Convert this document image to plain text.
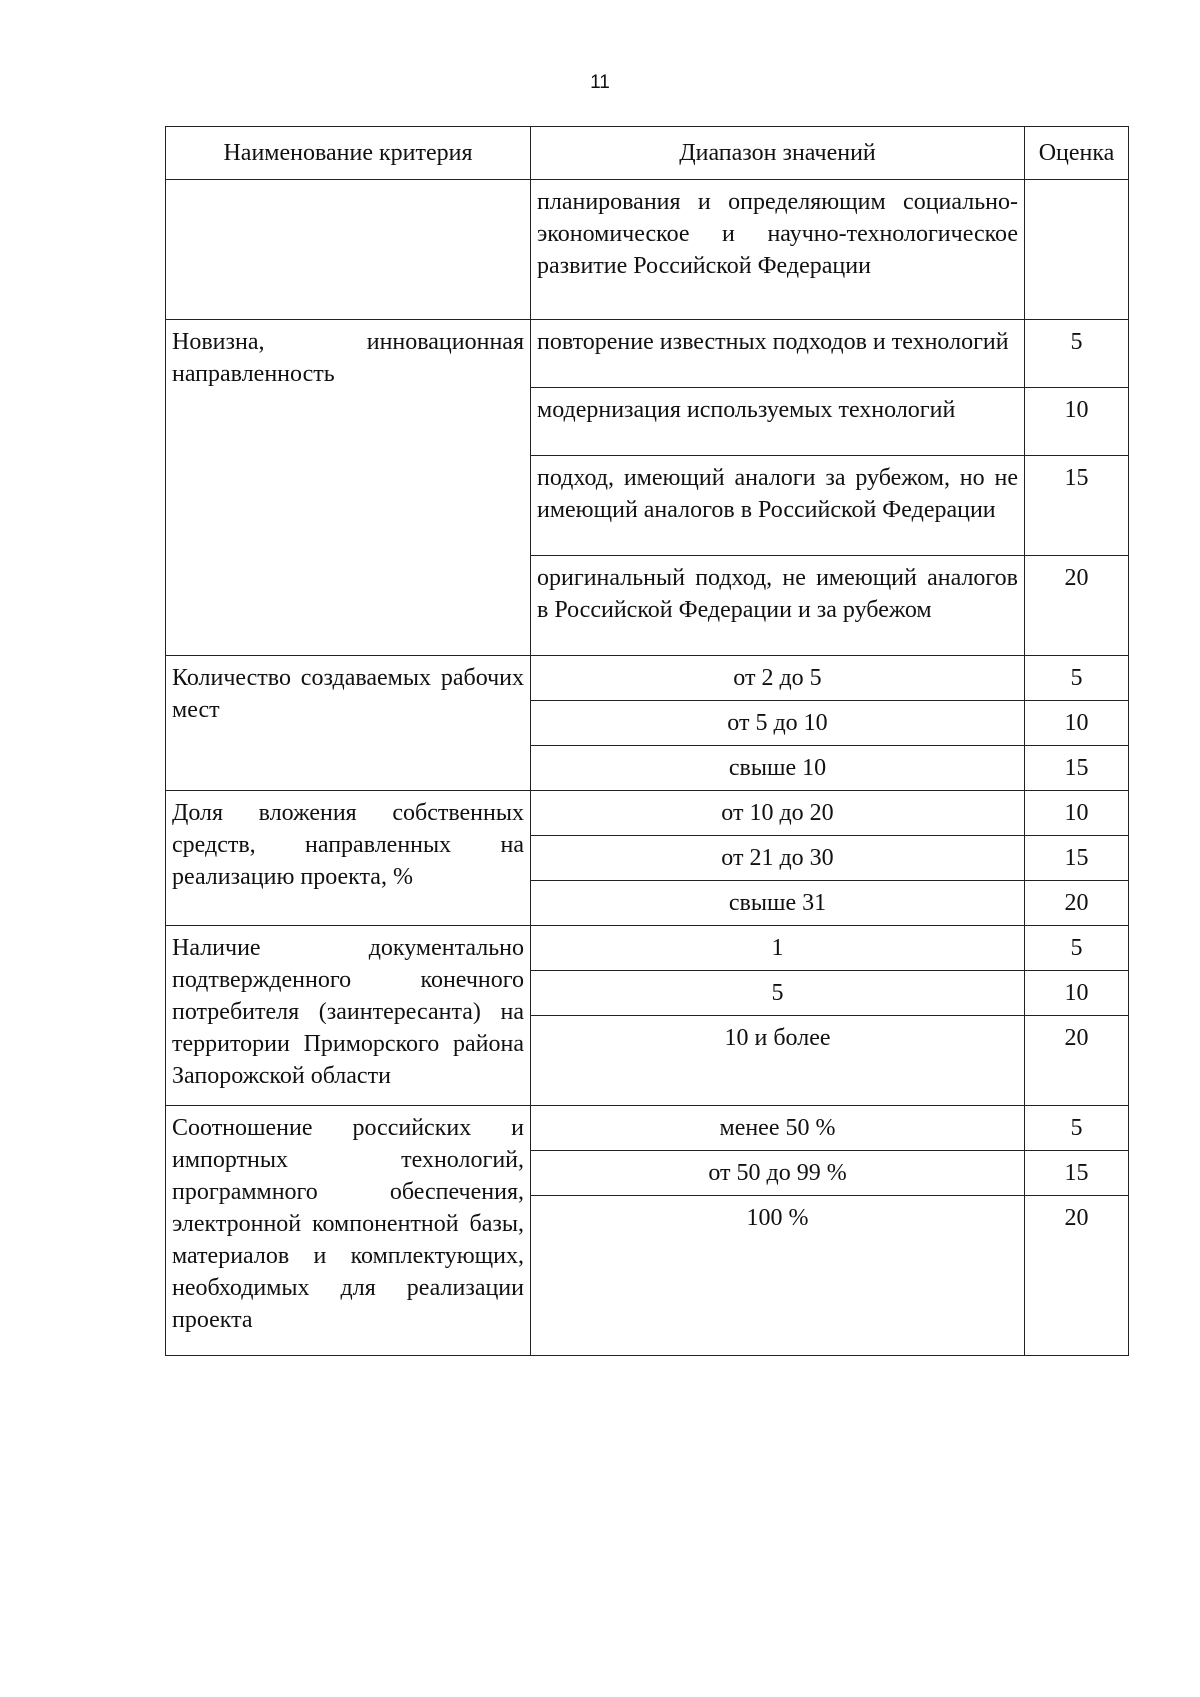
11
Наименование критерия	Диапазон значений	Оценка
	планирования и определяющим социально-экономическое и научно-технологическое развитие Российской Федерации	
Новизна, инновационная направленность	повторение известных подходов и технологий	5
	модернизация используемых технологий	10
	подход, имеющий аналоги за рубежом, но не имеющий аналогов в Российской Федерации	15
	оригинальный подход, не имеющий аналогов в Российской Федерации и за рубежом	20
Количество создаваемых рабочих мест	от 2 до 5	5
	от 5 до 10	10
	свыше 10	15
Доля вложения собственных средств, направленных на реализацию проекта, %	от 10 до 20	10
	от 21 до 30	15
	свыше 31	20
Наличие документально подтвержденного конечного потребителя (заинтересанта) на территории Приморского района Запорожской области	1	5
	5	10
	10 и более	20
Соотношение российских и импортных технологий, программного обеспечения, электронной компонентной базы, материалов и комплектующих, необходимых для реализации проекта	менее 50 %	5
	от 50 до 99 %	15
	100 %	20
